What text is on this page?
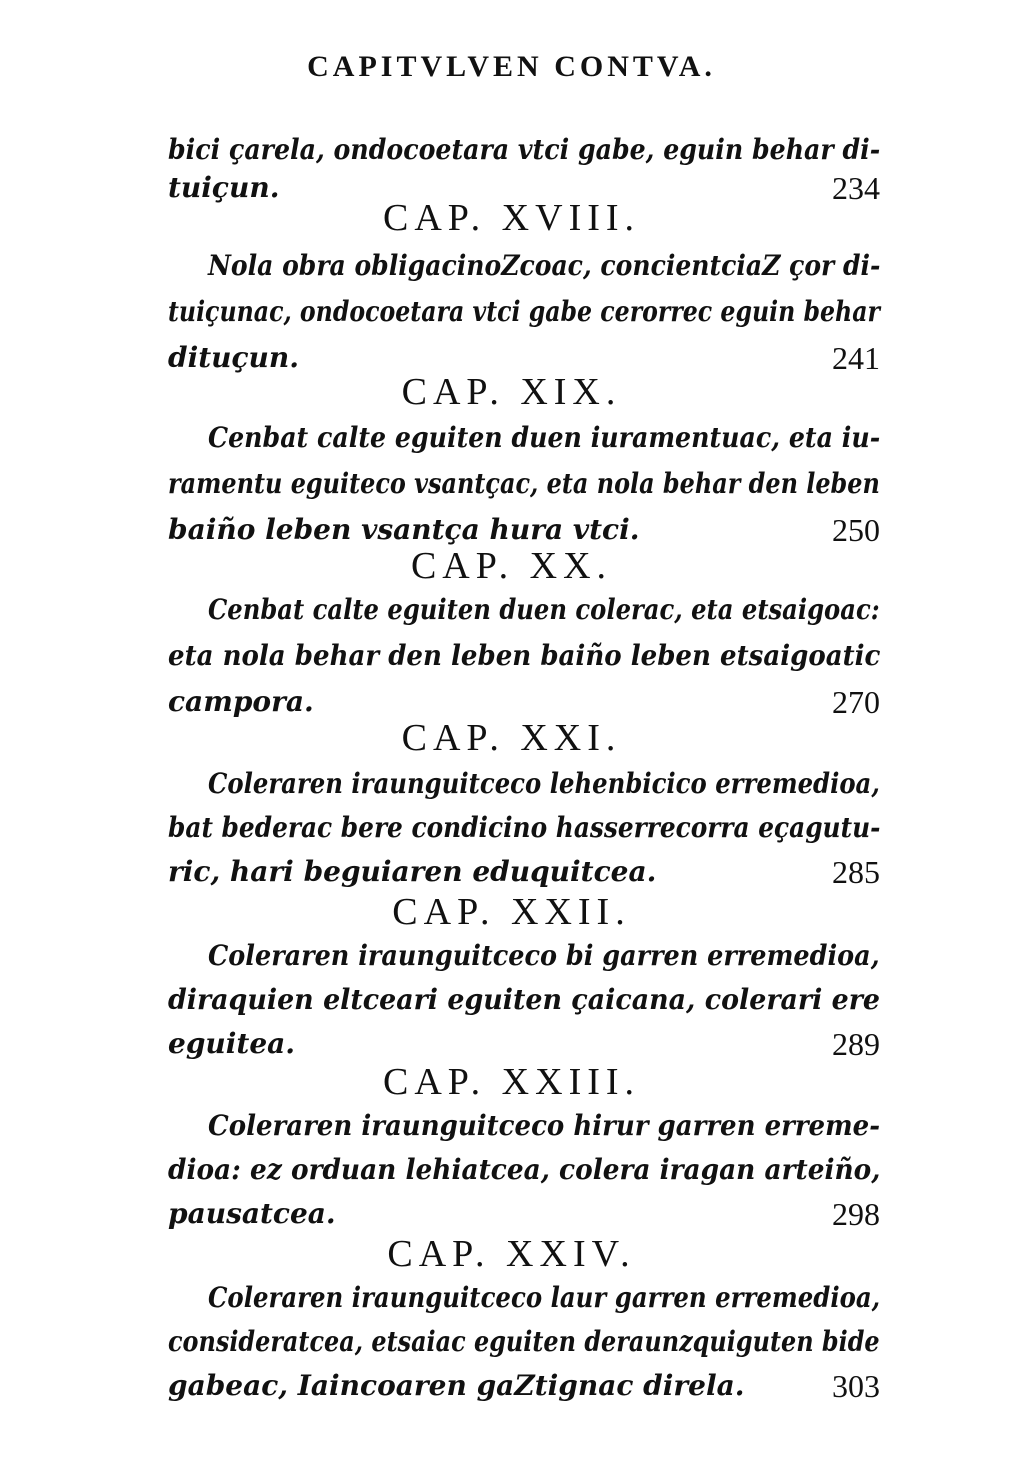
CAPITVLVEN CONTVA.
bici çarela, ondocoetara vtci gabe, eguin behar di-
tuiçun.	234
CAP. XVIII.
Nola obra obligacinoZcoac, concientciaZ çor di-
tuiçunac, ondocoetara vtci gabe cerorrec eguin behar
dituçun.	241
CAP. XIX.
Cenbat calte eguiten duen iuramentuac, eta iu-
ramentu eguiteco vsantçac, eta nola behar den leben
baiño leben vsantça hura vtci.	250
CAP. XX.
Cenbat calte eguiten duen colerac, eta etsaigoac:
eta nola behar den leben baiño leben etsaigoatic
campora.	270
CAP. XXI.
Coleraren iraunguitceco lehenbicico erremedioa,
bat bederac bere condicino hasserrecorra eçagutu-
ric, hari beguiaren eduquitcea.	285
CAP. XXII.
Coleraren iraunguitceco bi garren erremedioa,
diraquien eltceari eguiten çaicana, colerari ere
eguitea.	289
CAP. XXIII.
Coleraren iraunguitceco hirur garren erreme-
dioa: ez orduan lehiatcea, colera iragan arteiño,
pausatcea.	298
CAP. XXIV.
Coleraren iraunguitceco laur garren erremedioa,
consideratcea, etsaiac eguiten deraunzquiguten bide
gabeac, Iaincoaren gaZtignac direla.	303
